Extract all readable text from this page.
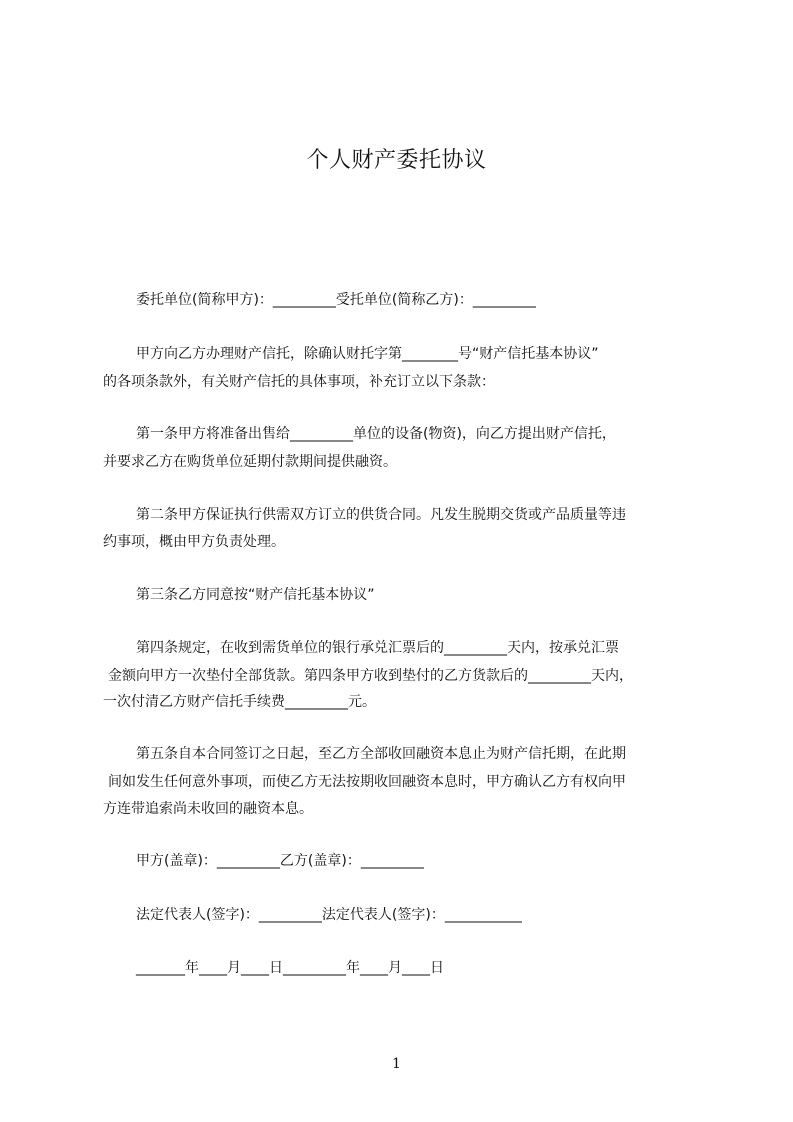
个人财产委托协议
委托单位(简称甲方)：_________受托单位(简称乙方)：_________
甲方向乙方办理财产信托，除确认财托字第________号“财产信托基本协议”
的各项条款外，有关财产信托的具体事项，补充订立以下条款：
第一条甲方将准备出售给_________单位的设备(物资)，向乙方提出财产信托，
并要求乙方在购货单位延期付款期间提供融资。
第二条甲方保证执行供需双方订立的供货合同。凡发生脱期交货或产品质量等违
约事项，概由甲方负责处理。
第三条乙方同意按“财产信托基本协议”
第四条规定，在收到需货单位的银行承兑汇票后的_________天内，按承兑汇票
金额向甲方一次垫付全部货款。第四条甲方收到垫付的乙方货款后的_________天内，
一次付清乙方财产信托手续费_________元。
第五条自本合同签订之日起，至乙方全部收回融资本息止为财产信托期，在此期
间如发生任何意外事项，而使乙方无法按期收回融资本息时，甲方确认乙方有权向甲
方连带追索尚未收回的融资本息。
甲方(盖章)：_________乙方(盖章)：_________
法定代表人(签字)：_________法定代表人(签字)：___________
_______年____月____日_________年____月____日
1
